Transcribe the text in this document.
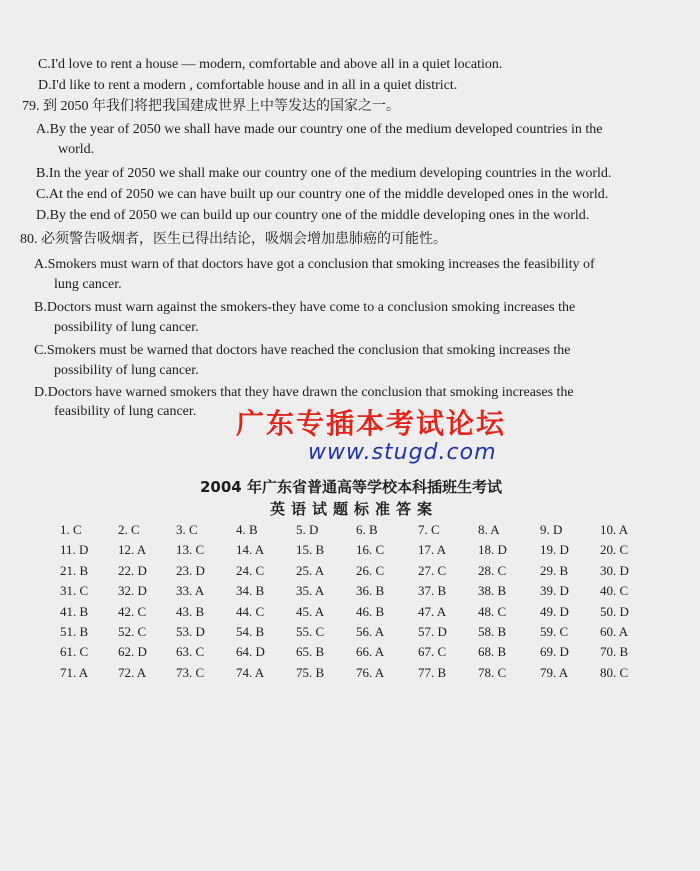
C.I'd love to rent a house — modern, comfortable and above all in a quiet location.
D.I'd like to rent a modern , comfortable house and in all in a quiet district.
79. 到 2050 年我们将把我国建成世界上中等发达的国家之一。
A.By the year of 2050 we shall have made our country one of the medium developed countries in the
world.
B.In the year of 2050 we shall make our country one of the medium developing countries in the world.
C.At the end of 2050 we can have built up our country one of the middle developed ones in the world.
D.By the end of 2050 we can build up our country one of the middle developing ones in the world.
80. 必须警告吸烟者，医生已得出结论，吸烟会增加患肺癌的可能性。
A.Smokers must warn of that doctors have got a conclusion that smoking increases the feasibility of
lung cancer.
B.Doctors must warn against the smokers-they have come to a conclusion smoking increases the
possibility of lung cancer.
C.Smokers must be warned that doctors have reached the conclusion that smoking increases the
possibility of lung cancer.
D.Doctors have warned smokers that they have drawn the conclusion that smoking increases the
feasibility of lung cancer. 广东专插本考试论坛
www.stugd.com
2004 年广东省普通高等学校本科插班生考试
英语试题标准答案
1. C	2. C	3. C	4. B	5. D	6. B	7. C	8. A	9. D	10. A
11. D 12. A 13. C 14. A 15. B 16. C	17. A 18. D	19. D 20. C
21. B 22. D 23. D 24. C 25. A 26. C	27. C 28. C	29. B 30. D
31. C 32. D 33. A 34. B 35. A 36. B	37. B 38. B	39. D 40. C
41. B 42. C 43. B 44. C 45. A 46. B	47. A 48. C	49. D 50. D
51. B 52. C 53. D 54. B 55. C 56. A	57. D 58. B	59. C 60. A
61. C 62. D 63. C 64. D 65. B 66. A	67. C 68. B	69. D 70. B
71. A 72. A 73. C 74. A 75. B 76. A	77. B 78. C	79. A 80. C
